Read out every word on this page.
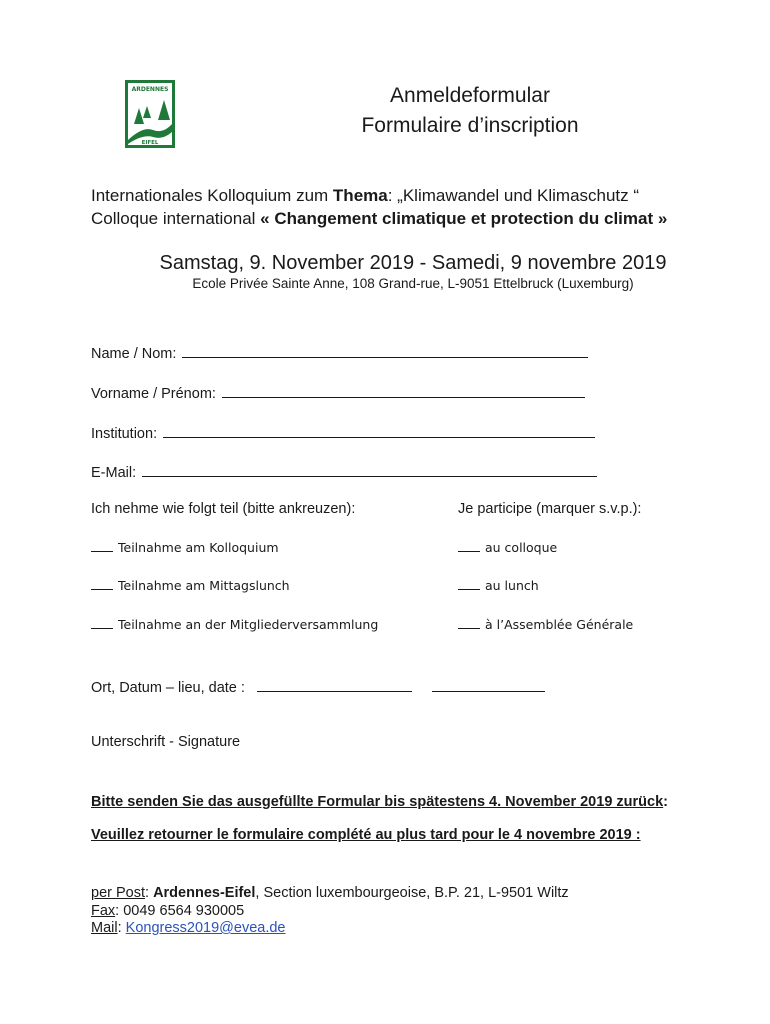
ARDENNES
EIFEL
Anmeldeformular
Formulaire d’inscription
Internationales Kolloquium zum Thema: „Klimawandel und Klimaschutz “
Colloque international « Changement climatique et protection du climat »
Samstag, 9. November 2019 - Samedi, 9 novembre 2019
Ecole Privée Sainte Anne, 108 Grand-rue, L-9051 Ettelbruck (Luxemburg)
Name / Nom:
Vorname / Prénom:
Institution:
E-Mail:
Ich nehme wie folgt teil (bitte ankreuzen):	Je participe (marquer s.v.p.):
Teilnahme am Kolloquium
Teilnahme am Mittagslunch
Teilnahme an der Mitgliederversammlung
au colloque
au lunch
à l’Assemblée Générale
Ort, Datum – lieu, date :
Unterschrift - Signature
Bitte senden Sie das ausgefüllte Formular bis spätestens 4. November 2019 zurück:
Veuillez retourner le formulaire complété au plus tard pour le 4 novembre 2019 :
per Post: Ardennes-Eifel, Section luxembourgeoise, B.P. 21, L-9501 Wiltz
Fax: 0049 6564 930005
Mail: Kongress2019@evea.de
